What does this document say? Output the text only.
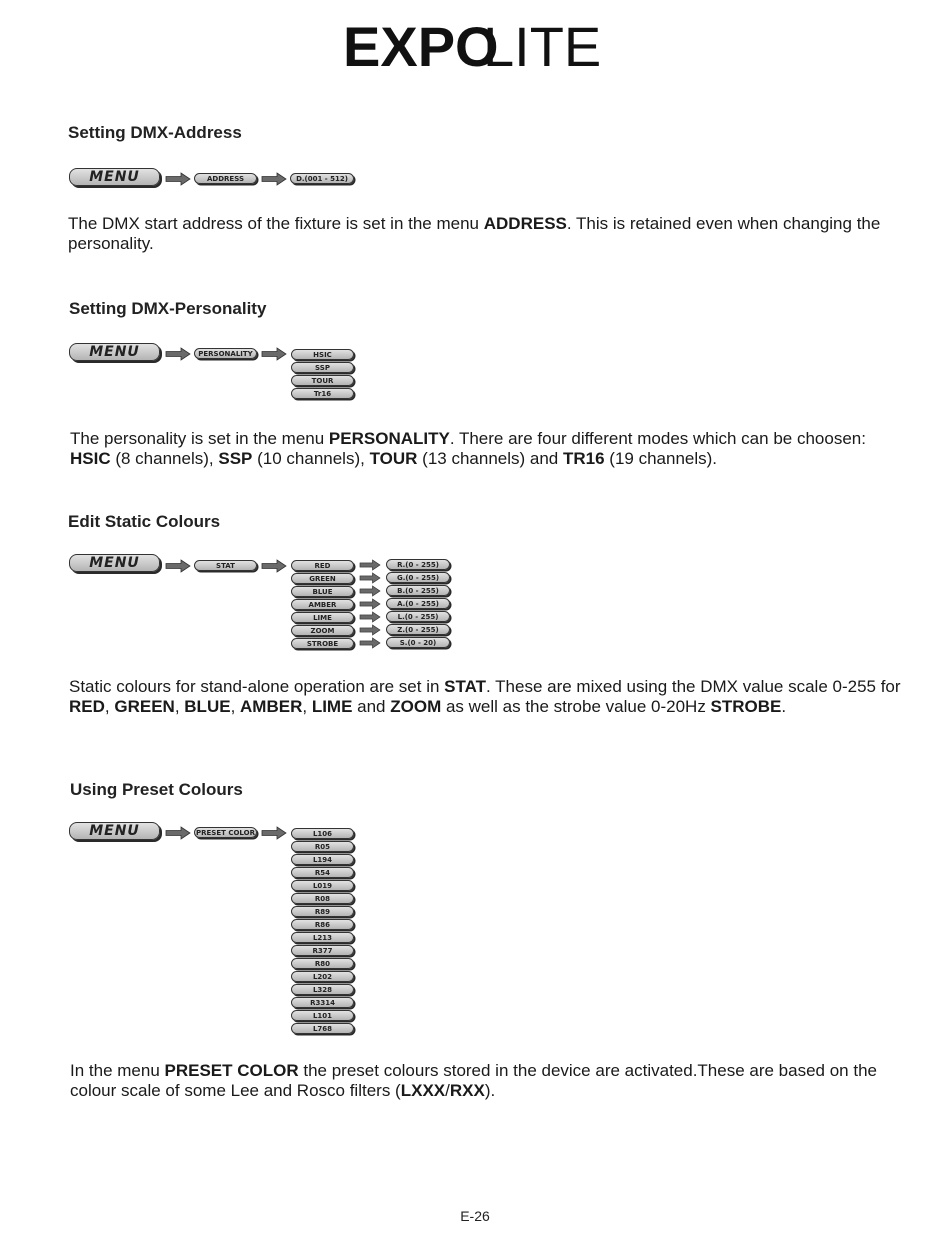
EXPO
LITE
Setting DMX-Address
MENU	ADDRESS	D.(001 - 512)
The DMX start address of the fixture is set in the menu ADDRESS. This is retained even when changing the personality.
Setting DMX-Personality
MENU	PERSONALITY	HSIC
SSP
TOUR
Tr16
The personality is set in the menu PERSONALITY. There are four different modes which can be choosen: HSIC (8 channels), SSP (10 channels), TOUR (13 channels) and TR16 (19 channels).
Edit Static Colours
MENU	STAT	RED	R.(0 - 255)
GREEN	G.(0 - 255)
BLUE	B.(0 - 255)
AMBER	A.(0 - 255)
LIME	L.(0 - 255)
ZOOM	Z.(0 - 255)
STROBE	S.(0 - 20)
Static colours for stand-alone operation are set in STAT. These are mixed using the DMX value scale 0-255 for RED, GREEN, BLUE, AMBER, LIME and ZOOM as well as the strobe value 0-20Hz STROBE.
Using Preset Colours
MENU	PRESET COLOR	L106
R05
L194
R54
L019
R08
R89
R86
L213
R377
R80
L202
L328
R3314
L101
L768
In the menu PRESET COLOR the preset colours stored in the device are activated.These are based on the colour scale of some Lee and Rosco filters (LXXX/RXX).
E-26
